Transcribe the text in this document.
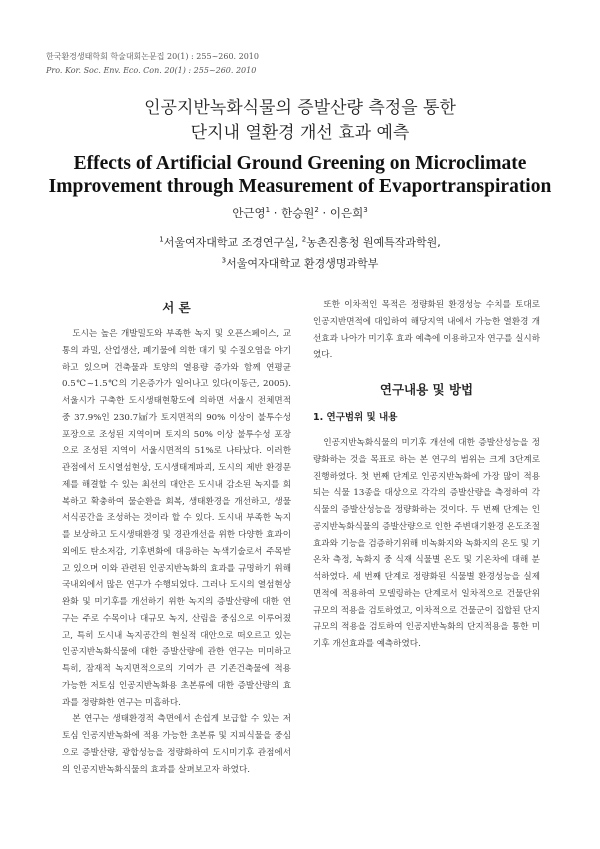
한국환경생태학회 학술대회논문집 20(1) : 255~260. 2010
Pro. Kor. Soc. Env. Eco. Con. 20(1) : 255~260. 2010
인공지반녹화식물의 증발산량 측정을 통한
단지내 열환경 개선 효과 예측
Effects of Artificial Ground Greening on Microclimate
Improvement through Measurement of Evaportranspiration
안근영$^1$ · 한승원$^2$ · 이은희$^3$
$^1$서울여자대학교 조경연구실, $^2$농촌진흥청 원예특작과학원,
$^3$서울여자대학교 환경생명과학부
서 론

도시는 높은 개발밀도와 부족한 녹지 및 오픈스페이스, 교통의 과밀, 산업생산, 폐기물에 의한 대기 및 수질오염을 야기하고 있으며 건축물과 토양의 열용량 증가와 함께 연평균 0.5℃~1.5℃의 기온증가가 일어나고 있다(이동근, 2005). 서울시가 구축한 도시생태현황도에 의하면 서울시 전체면적 중 37.9%인 230.7㎢가 토지면적의 90% 이상이 불투수성 포장으로 조성된 지역이며 토지의 50% 이상 불투수성 포장으로 조성된 지역이 서울시면적의 51%로 나타났다. 이러한 관점에서 도시열섬현상, 도시생태계파괴, 도시의 제반 환경문제를 해결할 수 있는 최선의 대안은 도시내 감소된 녹지를 회복하고 확충하여 물순환을 회복, 생태환경을 개선하고, 생물서식공간을 조성하는 것이라 할 수 있다. 도시내 부족한 녹지를 보상하고 도시생태환경 및 경관개선을 위한 다양한 효과이외에도 탄소저감, 기후변화에 대응하는 녹색기술로서 주목받고 있으며 이와 관련된 인공지반녹화의 효과를 규명하기 위해 국내외에서 많은 연구가 수행되었다. 그러나 도시의 열섬현상완화 및 미기후를 개선하기 위한 녹지의 증발산량에 대한 연구는 주로 수목이나 대규모 녹지, 산림을 중심으로 이루어졌고, 특히 도시내 녹지공간의 현실적 대안으로 떠오르고 있는 인공지반녹화식물에 대한 증발산량에 관한 연구는 미미하고 특히, 잠재적 녹지면적으로의 기여가 큰 기존건축물에 적용 가능한 저토심 인공지반녹화용 초본류에 대한 증발산량의 효과를 정량화한 연구는 미흡하다.

본 연구는 생태환경적 측면에서 손쉽게 보급할 수 있는 저토심 인공지반녹화에 적용 가능한 초본류 및 지피식물을 중심으로 증발산량, 광합성능을 정량화하여 도시미기후 관점에서의 인공지반녹화식물의 효과를 살펴보고자 하였다.

또한 이차적인 목적은 정량화된 환경성능 수치를 토대로 인공지반면적에 대입하여 해당지역 내에서 가능한 열환경 개선효과 나아가 미기후 효과 예측에 이용하고자 연구를 실시하였다.

연구내용 및 방법
1. 연구범위 및 내용

인공지반녹화식물의 미기후 개선에 대한 증발산성능을 정량화하는 것을 목표로 하는 본 연구의 범위는 크게 3단계로 진행하였다. 첫 번째 단계로 인공지반녹화에 가장 많이 적용되는 식물 13종을 대상으로 각각의 증발산량을 측정하여 각 식물의 증발산성능을 정량화하는 것이다. 두 번째 단계는 인공지반녹화식물의 증발산량으로 인한 주변대기환경 온도조절효과와 기능을 검증하기위해 비녹화지와 녹화지의 온도 및 기온차 측정, 녹화지 중 식재 식물별 온도 및 기온차에 대해 분석하였다. 세 번째 단계로 정량화된 식물별 환경성능을 실제 면적에 적용하여 모델링하는 단계로서 일차적으로 건물단위규모의 적용을 검토하였고, 이차적으로 건물군이 집합된 단지규모의 적용을 검토하여 인공지반녹화의 단지적용을 통한 미기후 개선효과를 예측하였다.
